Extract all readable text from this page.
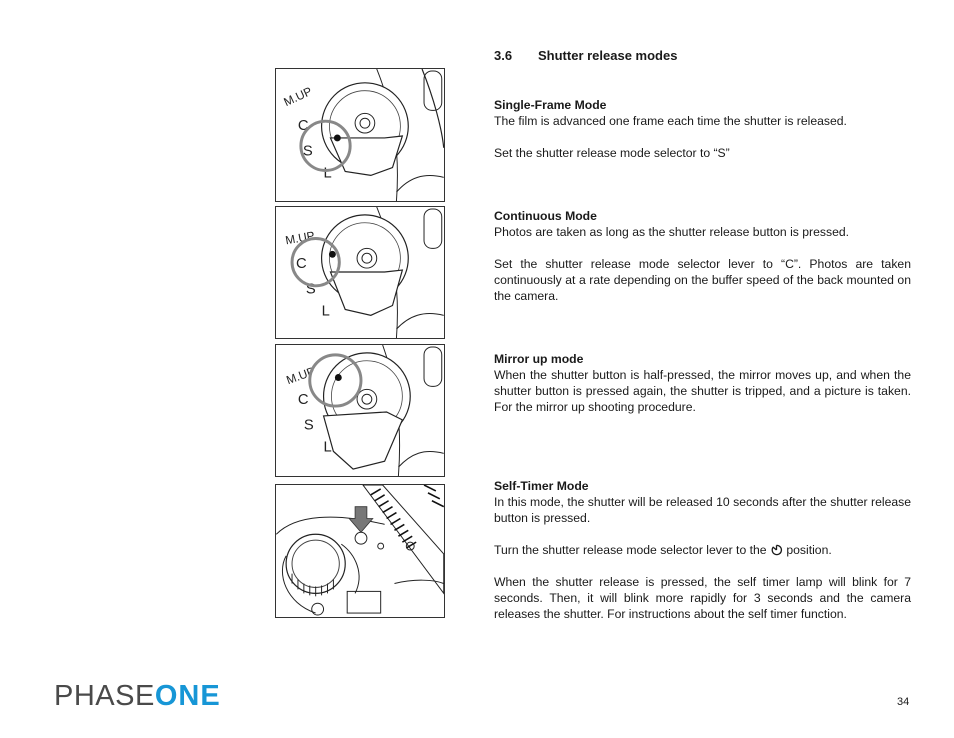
M.UP
C
S
L
M.UP
C
S
L
M.UP
C
S
L
3.6 Shutter release modes
Single-Frame Mode

The film is advanced one frame each time the shutter is released.

Set the shutter release mode selector to “S”

Continuous Mode

Photos are taken as long as the shutter release button is pressed.

Set the shutter release mode selector lever to “C”. Photos are taken continuously at a rate depending on the buffer speed of the back mounted on the camera.

Mirror up mode

When the shutter button is half-pressed, the mirror moves up, and when the shutter button is pressed again, the shutter is tripped, and a picture is taken. For the mirror up shooting procedure.

Self-Timer Mode

In this mode, the shutter will be released 10 seconds after the shutter release button is pressed.

Turn the shutter release mode selector lever to the position.

When the shutter release is pressed, the self timer lamp will blink for 7 seconds. Then, it will blink more rapidly for 3 seconds and the camera releases the shutter. For instructions about the self timer function.

PHASEONE	34
